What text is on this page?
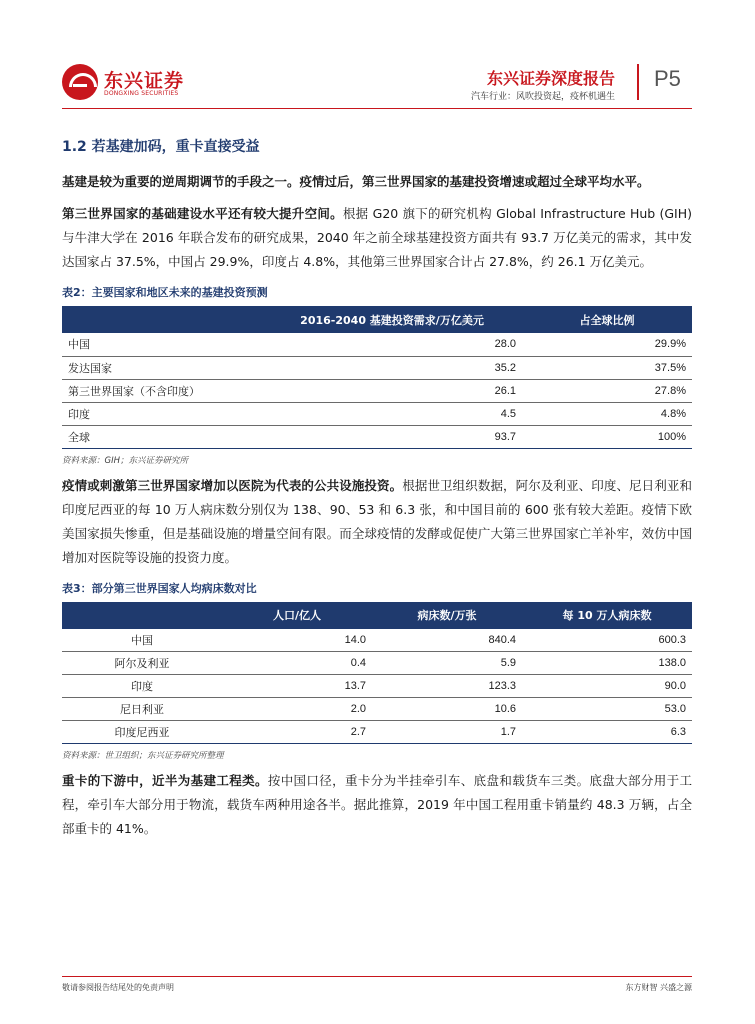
东兴证券
DONGXING SECURITIES
东兴证券深度报告
汽车行业：风吹投资起，疫杯机遇生
P5
1.2 若基建加码，重卡直接受益

基建是较为重要的逆周期调节的手段之一。疫情过后，第三世界国家的基建投资增速或超过全球平均水平。

第三世界国家的基础建设水平还有较大提升空间。根据 G20 旗下的研究机构 Global Infrastructure Hub (GIH) 与牛津大学在 2016 年联合发布的研究成果，2040 年之前全球基建投资方面共有 93.7 万亿美元的需求，其中发达国家占 37.5%，中国占 29.9%，印度占 4.8%，其他第三世界国家合计占 27.8%，约 26.1 万亿美元。

表2：主要国家和地区未来的基建投资预测
	2016-2040 基建投资需求/万亿美元	占全球比例
中国	28.0	29.9%
发达国家	35.2	37.5%
第三世界国家（不含印度）	26.1	27.8%
印度	4.5	4.8%
全球	93.7	100%
资料来源：GIH；东兴证券研究所

疫情或刺激第三世界国家增加以医院为代表的公共设施投资。根据世卫组织数据，阿尔及利亚、印度、尼日利亚和印度尼西亚的每 10 万人病床数分别仅为 138、90、53 和 6.3 张，和中国目前的 600 张有较大差距。疫情下欧美国家损失惨重，但是基础设施的增量空间有限。而全球疫情的发酵或促使广大第三世界国家亡羊补牢，效仿中国增加对医院等设施的投资力度。

表3：部分第三世界国家人均病床数对比
	人口/亿人	病床数/万张	每 10 万人病床数
中国	14.0	840.4	600.3
阿尔及利亚	0.4	5.9	138.0
印度	13.7	123.3	90.0
尼日利亚	2.0	10.6	53.0
印度尼西亚	2.7	1.7	6.3
资料来源：世卫组织；东兴证券研究所整理

重卡的下游中，近半为基建工程类。按中国口径，重卡分为半挂牵引车、底盘和载货车三类。底盘大部分用于工程，牵引车大部分用于物流，载货车两种用途各半。据此推算，2019 年中国工程用重卡销量约 48.3 万辆，占全部重卡的 41%。

敬请参阅报告结尾处的免责声明	东方财智 兴盛之源
